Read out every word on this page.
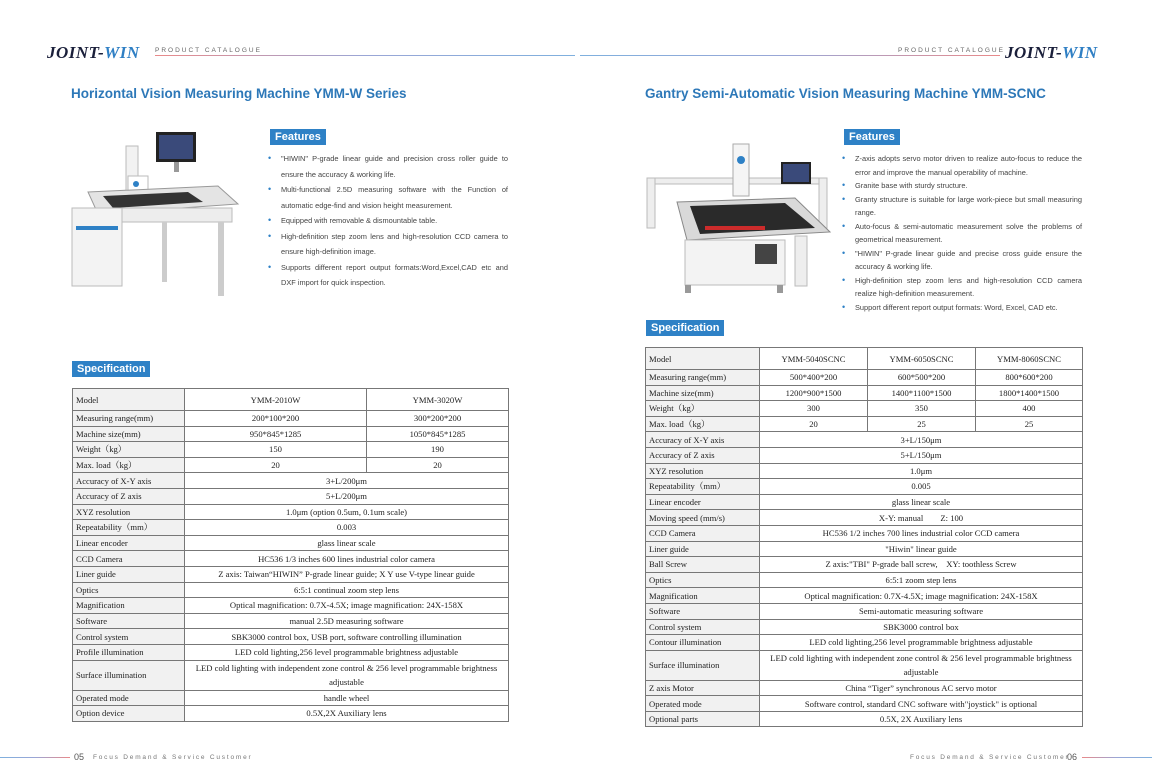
JOINT-WIN PRODUCT CATALOGUE	PRODUCT CATALOGUE JOINT-WIN
Horizontal Vision Measuring Machine YMM-W Series
Features
• "HIWIN" P-grade linear guide and precision cross roller guide to ensure the accuracy & working life.
• Multi-functional 2.5D measuring software with the Function of automatic edge-find and vision height measurement.
• Equipped with removable & dismountable table.
• High-definition step zoom lens and high-resolution CCD camera to ensure high-definition image.
• Supports different report output formats:Word,Excel,CAD etc and DXF import for quick inspection.
Specification
Model	YMM-2010W	YMM-3020W
Measuring range(mm)	200*100*200	300*200*200
Machine size(mm)	950*845*1285	1050*845*1285
Weight（kg）	150	190
Max. load（kg）	20	20
Accuracy of X-Y axis	3+L/200μm	
Accuracy of Z axis	5+L/200μm	
XYZ resolution	1.0μm (option 0.5um, 0.1um scale)	
Repeatability（mm）	0.003	
Linear encoder	glass linear scale	
CCD Camera	HC536 1/3 inches 600 lines industrial color camera	
Liner guide	Z axis: Taiwan“HIWIN” P-grade linear guide; X Y use V-type linear guide	
Optics	6:5:1 continual zoom step lens	
Magnification	Optical magnification: 0.7X-4.5X; image magnification: 24X-158X	
Software	manual 2.5D measuring software	
Control system	SBK3000 control box, USB port, software controlling illumination	
Profile illumination	LED cold lighting,256 level programmable brightness adjustable	
Surface illumination	LED cold lighting with independent zone control & 256 level programmable brightness adjustable	
Operated mode	handle wheel	
Option device	0.5X,2X Auxiliary lens	
Gantry Semi-Automatic Vision Measuring Machine YMM-SCNC
Features
• Z-axis adopts servo motor driven to realize auto-focus to reduce the error and improve the manual operability of machine.
• Granite base with sturdy structure.
• Granty structure is suitable for large work-piece but small measuring range.
• Auto-focus & semi-automatic measurement solve the problems of geometrical measurement.
• "HIWIN" P-grade linear guide and precise cross guide ensure the accuracy & working life.
• High-definition step zoom lens and high-resolution CCD camera realize high-definition measurement.
• Support different report output formats: Word, Excel, CAD etc.
Specification
Model	YMM-5040SCNC	YMM-6050SCNC	YMM-8060SCNC
Measuring range(mm)	500*400*200	600*500*200	800*600*200
Machine size(mm)	1200*900*1500	1400*1100*1500	1800*1400*1500
Weight（kg）	300	350	400
Max. load（kg）	20	25	25
Accuracy of X-Y axis	3+L/150μm		
Accuracy of Z axis	5+L/150μm		
XYZ resolution	1.0μm		
Repeatability（mm）	0.005		
Linear encoder	glass linear scale		
Moving speed (mm/s)	X-Y: manual        Z: 100		
CCD Camera	HC536 1/2 inches 700 lines industrial color CCD camera		
Liner guide	"Hiwin" linear guide		
Ball Screw	Z axis:"TBI" P-grade ball screw,    XY: toothless Screw		
Optics	6:5:1 zoom step lens		
Magnification	Optical magnification: 0.7X-4.5X; image magnification: 24X-158X		
Software	Semi-automatic measuring software		
Control system	SBK3000 control box		
Contour illumination	LED cold lighting,256 level programmable brightness adjustable		
Surface illumination	LED cold lighting with independent zone control & 256 level programmable brightness adjustable		
Z axis Motor	China “Tiger” synchronous AC servo motor		
Operated mode	Software control, standard CNC software with"joystick" is optional		
Optional parts	0.5X, 2X Auxiliary lens		
05 Focus Demand & Service Customer	Focus Demand & Service Customer
06
